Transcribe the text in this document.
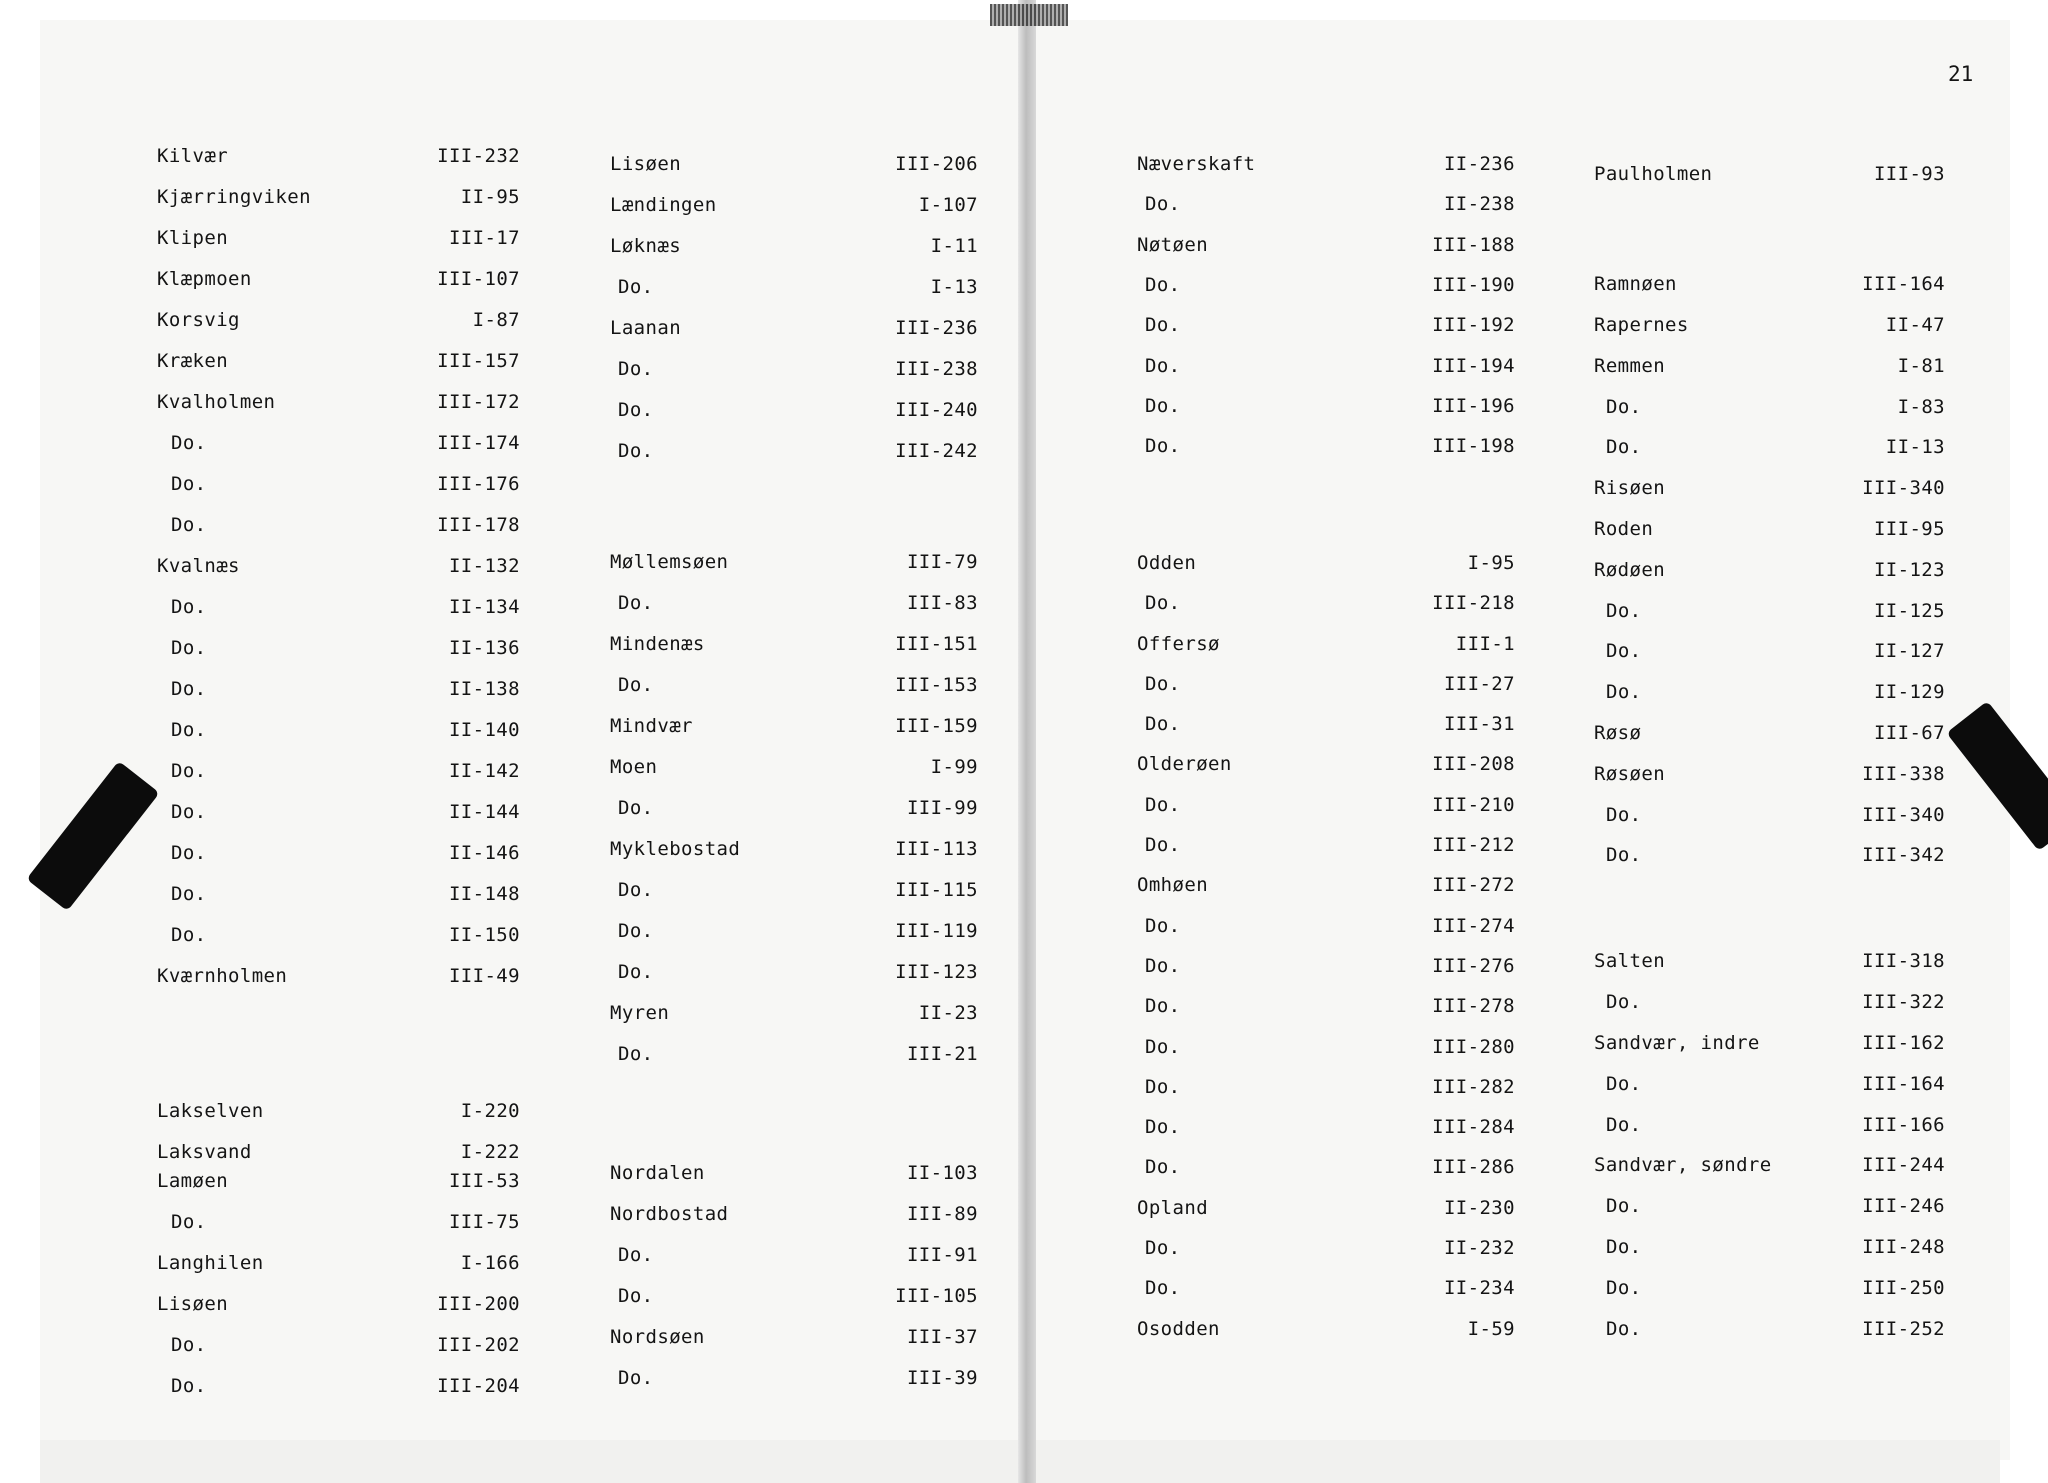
21
Kilvær	III-232
Kjærringviken	II-95
Klipen	III-17
Klæpmoen	III-107
Korsvig	I-87
Kræken	III-157
Kvalholmen	III-172
Do.	III-174
Do.	III-176
Do.	III-178
Kvalnæs	II-132
Do.	II-134
Do.	II-136
Do.	II-138
Do.	II-140
Do.	II-142
Do.	II-144
Do.	II-146
Do.	II-148
Do.	II-150
Kværnholmen	III-49
Lakselven	I-220
Laksvand	I-222
Lamøen	III-53
Do.	III-75
Langhilen	I-166
Lisøen	III-200
Do.	III-202
Do.	III-204
Lisøen	III-206
Lændingen	I-107
Løknæs	I-11
Do.	I-13
Laanan	III-236
Do.	III-238
Do.	III-240
Do.	III-242
Møllemsøen	III-79
Do.	III-83
Mindenæs	III-151
Do.	III-153
Mindvær	III-159
Moen	I-99
Do.	III-99
Myklebostad	III-113
Do.	III-115
Do.	III-119
Do.	III-123
Myren	II-23
Do.	III-21
Nordalen	II-103
Nordbostad	III-89
Do.	III-91
Do.	III-105
Nordsøen	III-37
Do.	III-39
Næverskaft	II-236
Do.	II-238
Nøtøen	III-188
Do.	III-190
Do.	III-192
Do.	III-194
Do.	III-196
Do.	III-198
Odden	I-95
Do.	III-218
Offersø	III-1
Do.	III-27
Do.	III-31
Olderøen	III-208
Do.	III-210
Do.	III-212
Omhøen	III-272
Do.	III-274
Do.	III-276
Do.	III-278
Do.	III-280
Do.	III-282
Do.	III-284
Do.	III-286
Opland	II-230
Do.	II-232
Do.	II-234
Osodden	I-59
Paulholmen	III-93
Ramnøen	III-164
Rapernes	II-47
Remmen	I-81
Do.	I-83
Do.	II-13
Risøen	III-340
Roden	III-95
Rødøen	II-123
Do.	II-125
Do.	II-127
Do.	II-129
Røsø	III-67
Røsøen	III-338
Do.	III-340
Do.	III-342
Salten	III-318
Do.	III-322
Sandvær, indre	III-162
Do.	III-164
Do.	III-166
Sandvær, søndre	III-244
Do.	III-246
Do.	III-248
Do.	III-250
Do.	III-252
